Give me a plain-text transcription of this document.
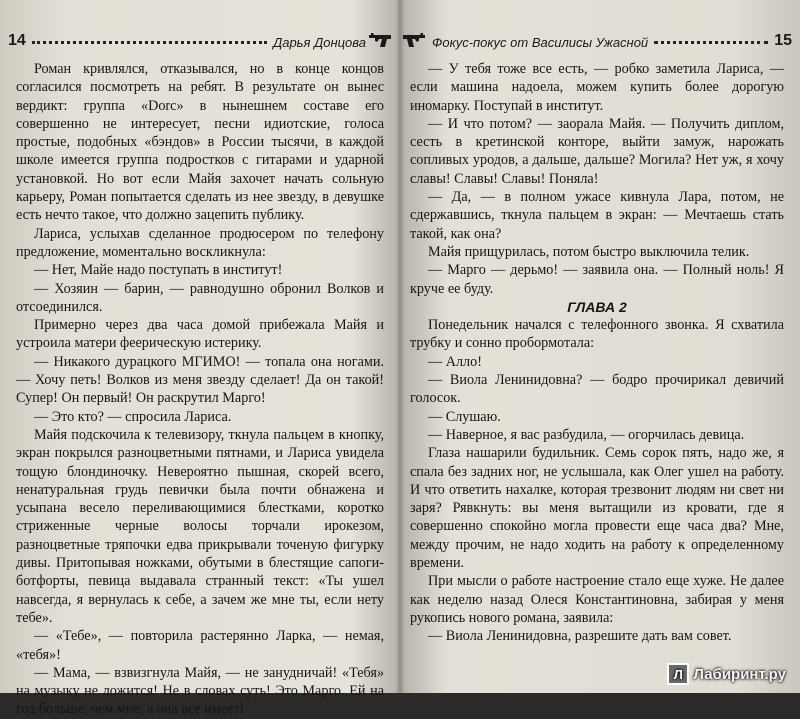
14	Дарья Донцова

Роман кривлялся, отказывался, но в конце концов согласился посмотреть на ребят. В результате он вынес вердикт: группа «Dorc» в нынешнем составе его совершенно не интересует, песни идиотские, голоса простые, подобных «бэндов» в России тысячи, в каждой школе имеется группа подростков с гитарами и ударной установкой. Но вот если Майя захочет начать сольную карьеру, Роман попытается сделать из нее звезду, в девушке есть нечто такое, что должно зацепить публику.

Лариса, услыхав сделанное продюсером по телефону предложение, моментально воскликнула:

— Нет, Майе надо поступать в институт!

— Хозяин — барин, — равнодушно обронил Волков и отсоединился.

Примерно через два часа домой прибежала Майя и устроила матери феерическую истерику.

— Никакого дурацкого МГИМО! — топала она ногами. — Хочу петь! Волков из меня звезду сделает! Да он такой! Супер! Он первый! Он раскрутил Марго!

— Это кто? — спросила Лариса.

Майя подскочила к телевизору, ткнула пальцем в кнопку, экран покрылся разноцветными пятнами, и Лариса увидела тощую блондиночку. Невероятно пышная, скорей всего, ненатуральная грудь певички была почти обнажена и усыпана весело переливающимися блестками, коротко стриженные черные волосы торчали ирокезом, разноцветные тряпочки едва прикрывали точеную фигурку дивы. Притопывая ножками, обутыми в блестящие сапоги-ботфорты, певица выдавала странный текст: «Ты ушел навсегда, я вернулась к себе, а зачем же мне ты, если нету тебе».

— «Тебе», — повторила растерянно Ларка, — немая, «тебя»!

— Мама, — взвизгнула Майя, — не занудничай! «Тебя» на музыку не ложится! Не в словах суть! Это Марго. Ей на год больше, чем мне, а она все имеет!

Фокус-покус от Василисы Ужасной	15

— У тебя тоже все есть, — робко заметила Лариса, — если машина надоела, можем купить более дорогую иномарку. Поступай в институт.

— И что потом? — заорала Майя. — Получить диплом, сесть в кретинской конторе, выйти замуж, нарожать сопливых уродов, а дальше, дальше? Могила? Нет уж, я хочу славы! Славы! Славы! Поняла!

— Да, — в полном ужасе кивнула Лара, потом, не сдержавшись, ткнула пальцем в экран: — Мечтаешь стать такой, как она?

Майя прищурилась, потом быстро выключила телик.

— Марго — дерьмо! — заявила она. — Полный ноль! Я круче ее буду.

ГЛАВА 2

Понедельник начался с телефонного звонка. Я схватила трубку и сонно пробормотала:

— Алло!

— Виола Ленинидовна? — бодро прочирикал девичий голосок.

— Слушаю.

— Наверное, я вас разбудила, — огорчилась девица.

Глаза нашарили будильник. Семь сорок пять, надо же, я спала без задних ног, не услышала, как Олег ушел на работу. И что ответить нахалке, которая трезвонит людям ни свет ни заря? Рявкнуть: вы меня вытащили из кровати, где я совершенно спокойно могла провести еще часа два? Мне, между прочим, не надо ходить на работу к определенному времени.

При мысли о работе настроение стало еще хуже. Не далее как неделю назад Олеся Константиновна, забирая у меня рукопись нового романа, заявила:

— Виола Ленинидовна, разрешите дать вам совет.

Л Лабиринт.ру
